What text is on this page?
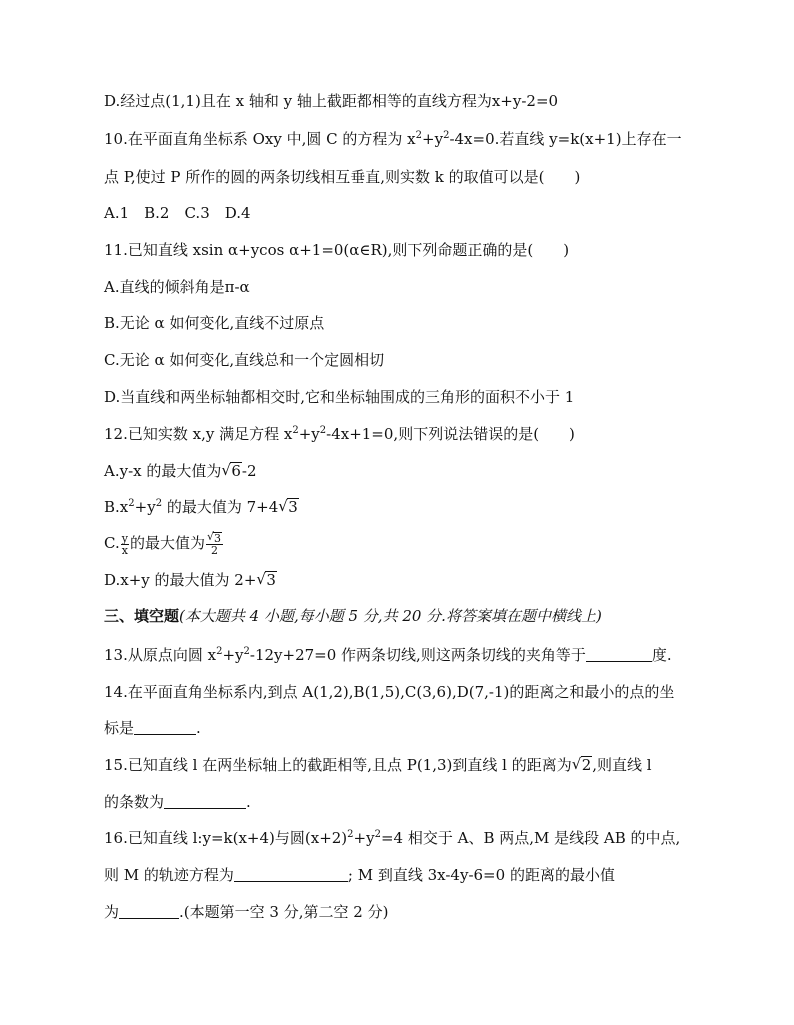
D.经过点(1,1)且在 x 轴和 y 轴上截距都相等的直线方程为x+y-2=0
10.在平面直角坐标系 Oxy 中,圆 C 的方程为 $x^2+y^2-4x=0$.若直线 y=k(x+1)上存在一
点 P,使过 P 所作的圆的两条切线相互垂直,则实数 k 的取值可以是(　　)
A.1　B.2　C.3　D.4
11.已知直线 xsin α+ycos α+1=0(α∈R),则下列命题正确的是(　　)
A.直线的倾斜角是π-α
B.无论 α 如何变化,直线不过原点
C.无论 α 如何变化,直线总和一个定圆相切
D.当直线和两坐标轴都相交时,它和坐标轴围成的三角形的面积不小于 1
12.已知实数 x,y 满足方程 $x^2+y^2-4x+1=0$,则下列说法错误的是(　　)
A.y-x 的最大值为 √ 6-2
$B.x^2+y^2$ 的最大值为 7+4 √ 3
C. $\frac{y}{x}$ 的最大值为 $\frac{√ 3}{2}$
D.x+y 的最大值为 2+ √ 3
三、填空题(本大题共 4 小题,每小题 5 分,共 20 分.将答案填在题中横线上)
13.从原点向圆 $x^2+y^2-12y+27=0$ 作两条切线,则这两条切线的夹角等于	度.
14.在平面直角坐标系内,到点 A(1,2),B(1,5),C(3,6),D(7,-1)的距离之和最小的点的坐
标是	.
15.已知直线 l 在两坐标轴上的截距相等,且点 P(1,3)到直线 l 的距离为 √ 2,则直线 l
的条数为	.
16.已知直线 l:y=k(x+4)与圆$(x+2)^2+y^2=4$ 相交于 A、B 两点,M 是线段 AB 的中点,
则 M 的轨迹方程为	; M 到直线 3x-4y-6=0 的距离的最小值
为	.(本题第一空 3 分,第二空 2 分)
